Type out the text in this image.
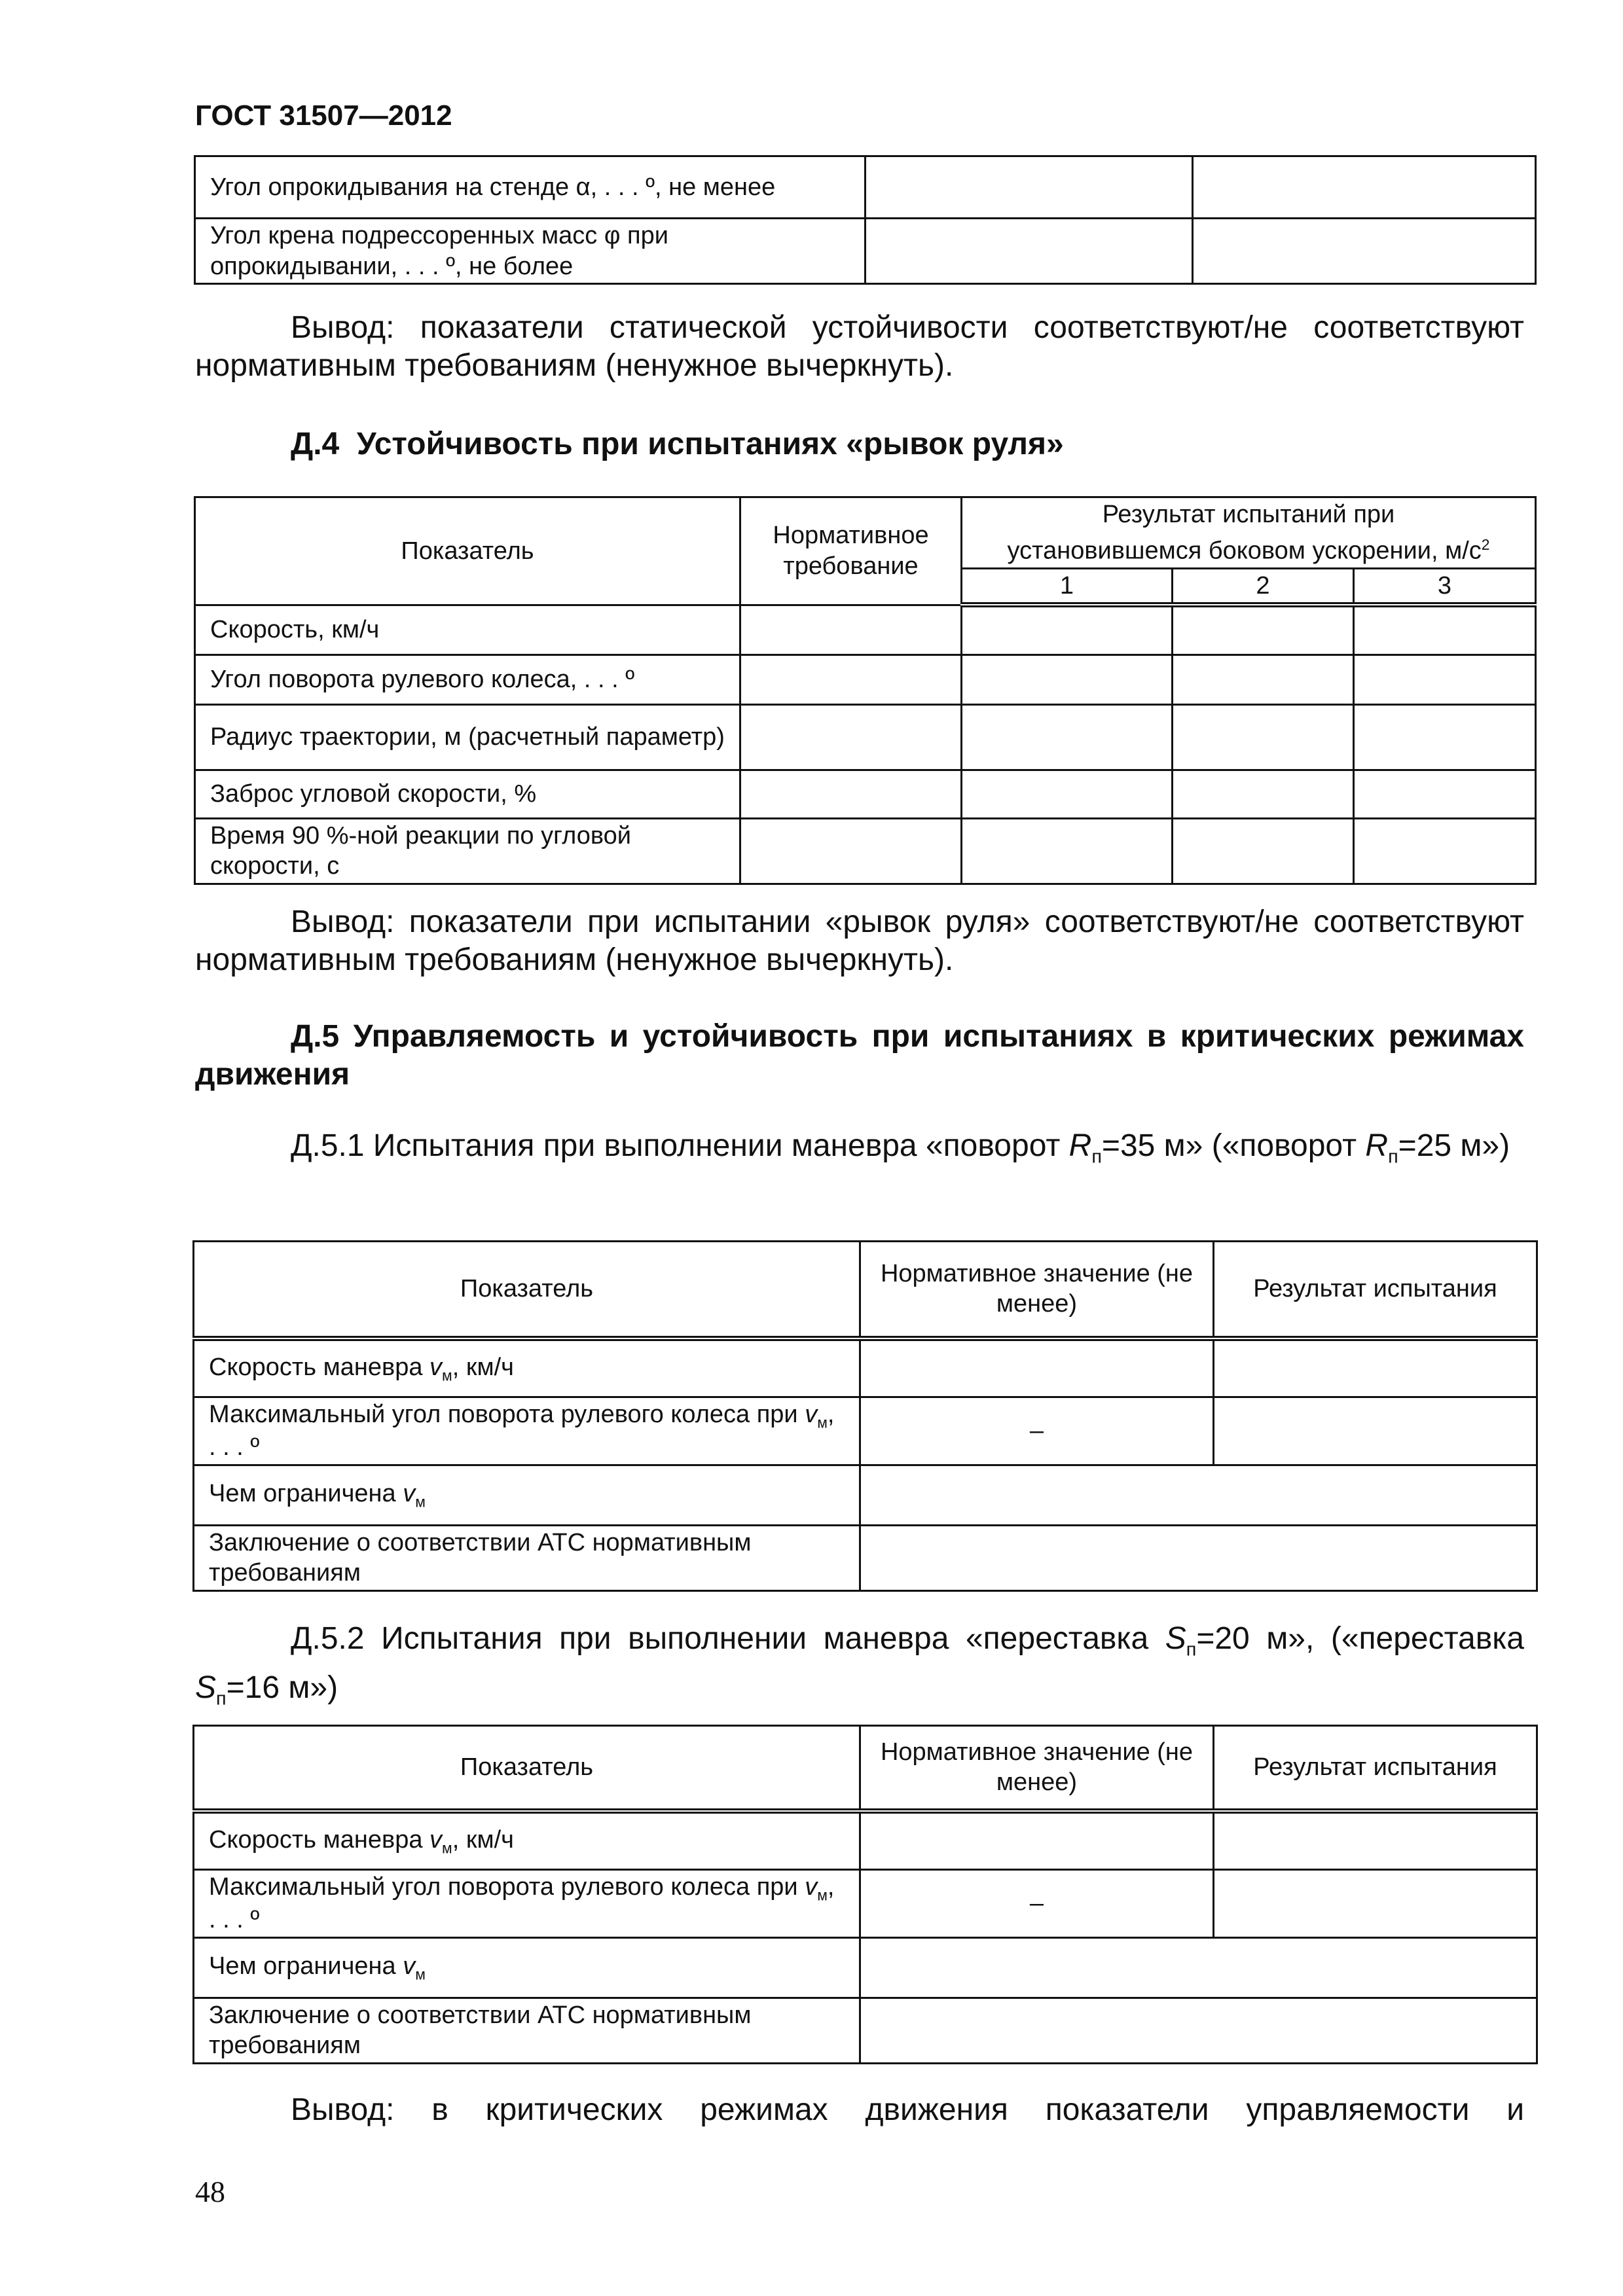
ГОСТ 31507—2012
Угол опрокидывания на стенде α, . . . º, не менее		
Угол крена подрессоренных масс φ при опрокидывании, . . . º, не более		

Вывод: показатели статической устойчивости соответствуют/не соответствуют нормативным требованиям (ненужное вычеркнуть).

Д.4  Устойчивость при испытаниях «рывок руля»
Показатель	Нормативное требование	Результат испытаний при
установившемся боковом ускорении, $м/с^2$
		1	2	3
Скорость, км/ч				
Угол поворота рулевого колеса, . . . º				
Радиус траектории, м (расчетный параметр)				
Заброс угловой скорости, %				
Время 90 %-ной реакции по угловой скорости, с				

Вывод: показатели при испытании «рывок руля» соответствуют/не соответствуют нормативным требованиям (ненужное вычеркнуть).

Д.5 Управляемость и устойчивость при испытаниях в критических режимах движения

Д.5.1 Испытания при выполнении маневра «поворот $R_п=35$ м» («поворот $R_п=25$ м»)

Показатель	Нормативное значение (не менее)	Результат испытания
Скорость маневра $v_м$, км/ч		
Максимальный угол поворота рулевого колеса при $v_м$, . . . º	–	
Чем ограничена $v_м$	
Заключение о соответствии АТС нормативным требованиям		

Д.5.2 Испытания при выполнении маневра «переставка $S_п=20$ м», («переставка $S_п=16$ м»)

Показатель	Нормативное значение (не менее)	Результат испытания
Скорость маневра $v_м$, км/ч		
Максимальный угол поворота рулевого колеса при $v_м$, . . . º	–	
Чем ограничена $v_м$	
Заключение о соответствии АТС нормативным требованиям		

Вывод: в критических режимах движения показатели управляемости и

48
